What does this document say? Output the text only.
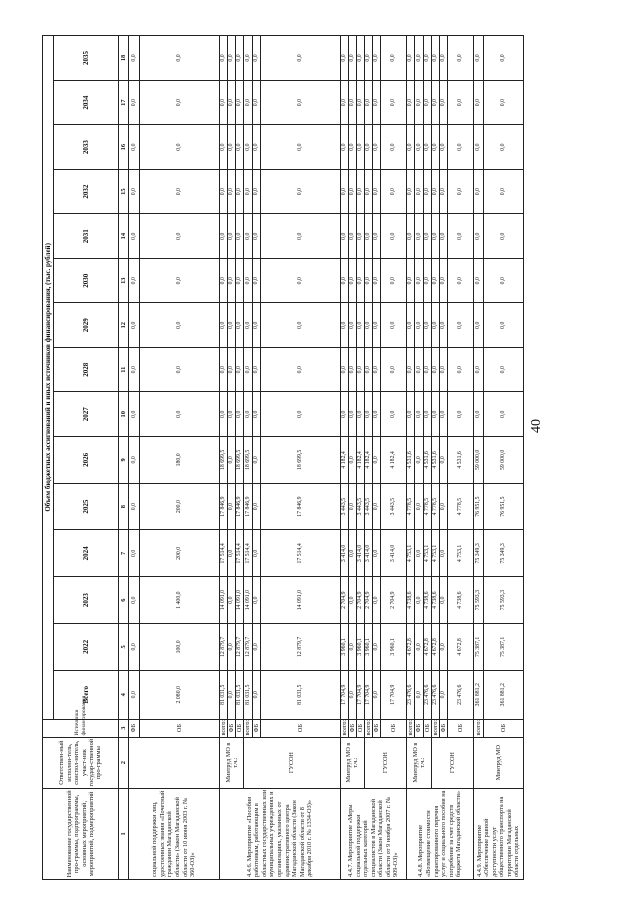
40
Наименование государственной про-граммы, подпрограммы, основных мероприятий, мероприятий, подмероприятий	Ответствен-ный исполни-тель, соиспол-нитель, участ-ник государ-ственной про-граммы	Источники финансирования	Объем бюджетных ассигнований и иных источников финансирования, (тыс. рублей)														
			Всего	2022	2023	2024	2025	2026	2027	2028	2029	2030	2031	2032	2033	2034	2035
1	2	3	4	5	6	7	8	9	10	11	12	13	14	15	16	17	18
социальной поддержки лиц, удостоенных звания «Почетный гражданин Магаданской области» (Закон Магаданской области от 10 июня 2003 г. № 360-ОЗ)»		ФБ	0,0	0,0	0,0	0,0	0,0	0,0	0,0	0,0	0,0	0,0	0,0	0,0	0,0	0,0	0,0
		ОБ	2 080,0	100,0	1 400,0	200,0	200,0	180,0	0,0	0,0	0,0	0,0	0,0	0,0	0,0	0,0	0,0
4.4.6. Мероприятие «Пособия работникам, работающим в областных государственных или муниципальных учреждениях и организациях, указанных от административного центра Магаданской области (Закон Магаданской области от 8 декабря 2010 г. № 1334-ОЗ)»	Минтруд МО в т.ч.:	всего:	81 031,5	12 879,7	14 091,0	17 514,4	17 846,9	18 699,5	0,0	0,0	0,0	0,0	0,0	0,0	0,0	0,0	0,0
		ФБ	0,0	0,0	0,0	0,0	0,0	0,0	0,0	0,0	0,0	0,0	0,0	0,0	0,0	0,0	0,0
		ОБ	81 031,5	12 879,7	14 091,0	17 514,4	17 846,9	18 699,5	0,0	0,0	0,0	0,0	0,0	0,0	0,0	0,0	0,0
	ГУСОН	всего:	81 031,5	12 879,7	14 091,0	17 514,4	17 846,9	18 699,5	0,0	0,0	0,0	0,0	0,0	0,0	0,0	0,0	0,0
		ФБ	0,0	0,0	0,0	0,0	0,0	0,0	0,0	0,0	0,0	0,0	0,0	0,0	0,0	0,0	0,0
		ОБ	81 031,5	12 879,7	14 091,0	17 514,4	17 846,9	18 699,5	0,0	0,0	0,0	0,0	0,0	0,0	0,0	0,0	0,0
4.4.7. Мероприятие «Меры социальной поддержки отдельных категорий специалистов в Магаданской области (Закон Магаданской области от 9 ноября 2007 г. № 909-ОЗ)»	Минтруд МО в т.ч.:	всего:	17 704,9	3 960,1	2 704,9	3 414,0	3 443,5	4 182,4	0,0	0,0	0,0	0,0	0,0	0,0	0,0	0,0	0,0
		ФБ	0,0	0,0	0,0	0,0	0,0	0,0	0,0	0,0	0,0	0,0	0,0	0,0	0,0	0,0	0,0
		ОБ	17 704,9	3 960,1	2 704,9	3 414,0	3 443,5	4 182,4	0,0	0,0	0,0	0,0	0,0	0,0	0,0	0,0	0,0
	ГУСОН	всего:	17 704,9	3 960,1	2 704,9	3 414,0	3 443,5	4 182,4	0,0	0,0	0,0	0,0	0,0	0,0	0,0	0,0	0,0
		ФБ	0,0	0,0	0,0	0,0	0,0	0,0	0,0	0,0	0,0	0,0	0,0	0,0	0,0	0,0	0,0
		ОБ	17 704,9	3 960,1	2 704,9	3 414,0	3 443,5	4 182,4	0,0	0,0	0,0	0,0	0,0	0,0	0,0	0,0	0,0
4.4.8. Мероприятие «Возмещение стоимости гарантированного перечня услуг и социального пособия на погребение за счет средств бюджета Магаданской области»	Минтруд МО в т.ч.:	всего:	23 476,6	4 672,8	4 738,6	4 753,1	4 778,5	4 531,6	0,0	0,0	0,0	0,0	0,0	0,0	0,0	0,0	0,0
		ФБ	0,0	0,0	0,0	0,0	0,0	0,0	0,0	0,0	0,0	0,0	0,0	0,0	0,0	0,0	0,0
		ОБ	23 476,6	4 672,8	4 738,6	4 753,1	4 778,5	4 531,6	0,0	0,0	0,0	0,0	0,0	0,0	0,0	0,0	0,0
	ГУСОН	всего:	23 476,6	4 672,8	4 738,6	4 753,1	4 778,5	4 531,6	0,0	0,0	0,0	0,0	0,0	0,0	0,0	0,0	0,0
		ФБ	0,0	0,0	0,0	0,0	0,0	0,0	0,0	0,0	0,0	0,0	0,0	0,0	0,0	0,0	0,0
		ОБ	23 476,6	4 672,8	4 738,6	4 753,1	4 778,5	4 531,6	0,0	0,0	0,0	0,0	0,0	0,0	0,0	0,0	0,0
4.4.9. Мероприятие «Обеспечение равной доступности услуг общественного транспорта на территории Магаданской области отдельных	Минтруд МО	всего:	361 881,2	75 387,1	75 593,3	75 349,3	76 951,5	59 000,0	0,0	0,0	0,0	0,0	0,0	0,0	0,0	0,0	0,0
		ОБ	361 881,2	75 387,1	75 593,3	75 349,3	76 951,5	59 000,0	0,0	0,0	0,0	0,0	0,0	0,0	0,0	0,0	0,0
